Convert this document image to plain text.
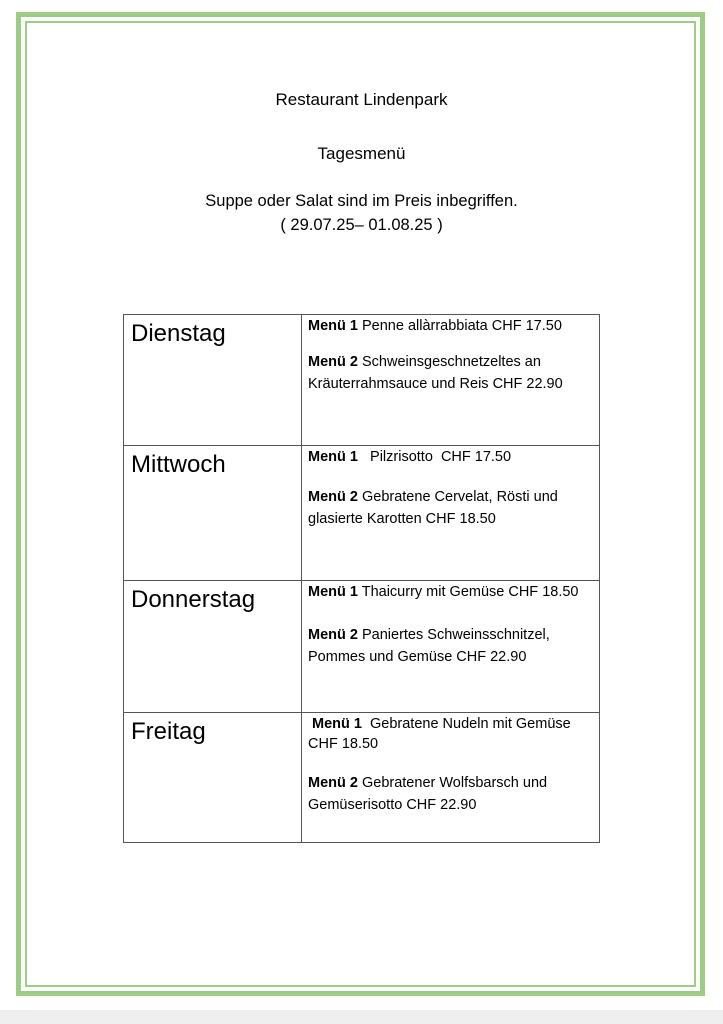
Restaurant Lindenpark
Tagesmenü
Suppe oder Salat sind im Preis inbegriffen.
( 29.07.25– 01.08.25 )
Dienstag	Menü 1 Penne allàrrabbiata CHF 17.50
Menü 2 Schweinsgeschnetzeltes an
Kräuterrahmsauce und Reis CHF 22.90

Mittwoch	Menü 1   Pilzrisotto  CHF 17.50
Menü 2 Gebratene Cervelat, Rösti und
glasierte Karotten CHF 18.50

Donnerstag	Menü 1 Thaicurry mit Gemüse CHF 18.50
Menü 2 Paniertes Schweinsschnitzel,
Pommes und Gemüse CHF 22.90

Freitag	Menü 1  Gebratene Nudeln mit Gemüse
CHF 18.50
Menü 2 Gebratener Wolfsbarsch und
Gemüserisotto CHF 22.90
